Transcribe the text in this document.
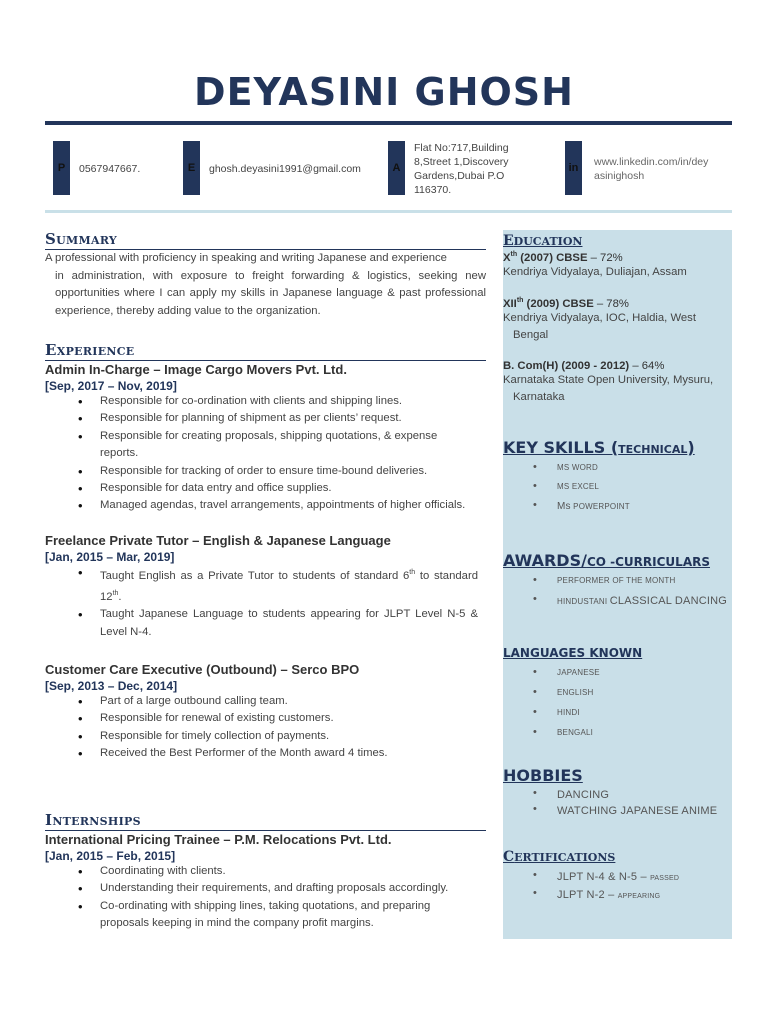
DEYASINI GHOSH
P	0567947667.	E	ghosh.deyasini1991@gmail.com	A
Flat No:717,Building
8,Street 1,Discovery
Gardens,Dubai P.O
116370.
in	www.linkedin.com/in/dey
asinighosh
SUMMARY

A professional with proficiency in speaking and writing Japanese and experience
in administration, with exposure to freight forwarding & logistics, seeking new opportunities where I can apply my skills in Japanese language & past professional experience, thereby adding value to the organization.

EXPERIENCE
Admin In-Charge – Image Cargo Movers Pvt. Ltd.
[Sep, 2017 – Nov, 2019]
• Responsible for co-ordination with clients and shipping lines.
• Responsible for planning of shipment as per clients’ request.
• Responsible for creating proposals, shipping quotations, & expense reports.
• Responsible for tracking of order to ensure time-bound deliveries.
• Responsible for data entry and office supplies.
• Managed agendas, travel arrangements, appointments of higher officials.
Freelance Private Tutor – English & Japanese Language
[Jan, 2015 – Mar, 2019]
• Taught English as a Private Tutor to students of standard 6th to standard 12th.
• Taught Japanese Language to students appearing for JLPT Level N-5 & Level N-4.
Customer Care Executive (Outbound) – Serco BPO
[Sep, 2013 – Dec, 2014]
• Part of a large outbound calling team.
• Responsible for renewal of existing customers.
• Responsible for timely collection of payments.
• Received the Best Performer of the Month award 4 times.
INTERNSHIPS
International Pricing Trainee – P.M. Relocations Pvt. Ltd.
[Jan, 2015 – Feb, 2015]
• Coordinating with clients.
• Understanding their requirements, and drafting proposals accordingly.
• Co-ordinating with shipping lines, taking quotations, and preparing proposals keeping in mind the company profit margins.
EDUCATION
Xth (2007) CBSE – 72%
Kendriya Vidyalaya, Duliajan, Assam
XIIth (2009) CBSE – 78%
Kendriya Vidyalaya, IOC, Haldia, West
Bengal
B. Com(H) (2009 - 2012) – 64%
Karnataka State Open University, Mysuru,
Karnataka
KEY SKILLS (TECHNICAL)
• MS WORD
• MS EXCEL
• Ms POWERPOINT
AWARDS/CO -CURRICULARS
• PERFORMER OF THE MONTH
• HINDUSTANI CLASSICAL DANCING
LANGUAGES KNOWN
• JAPANESE
• ENGLISH
• HINDI
• BENGALI
HOBBIES
• DANCING
• WATCHING JAPANESE ANIME
CERTIFICATIONS
• JLPT N-4 & N-5 – PASSED
• JLPT N-2 – APPEARING
